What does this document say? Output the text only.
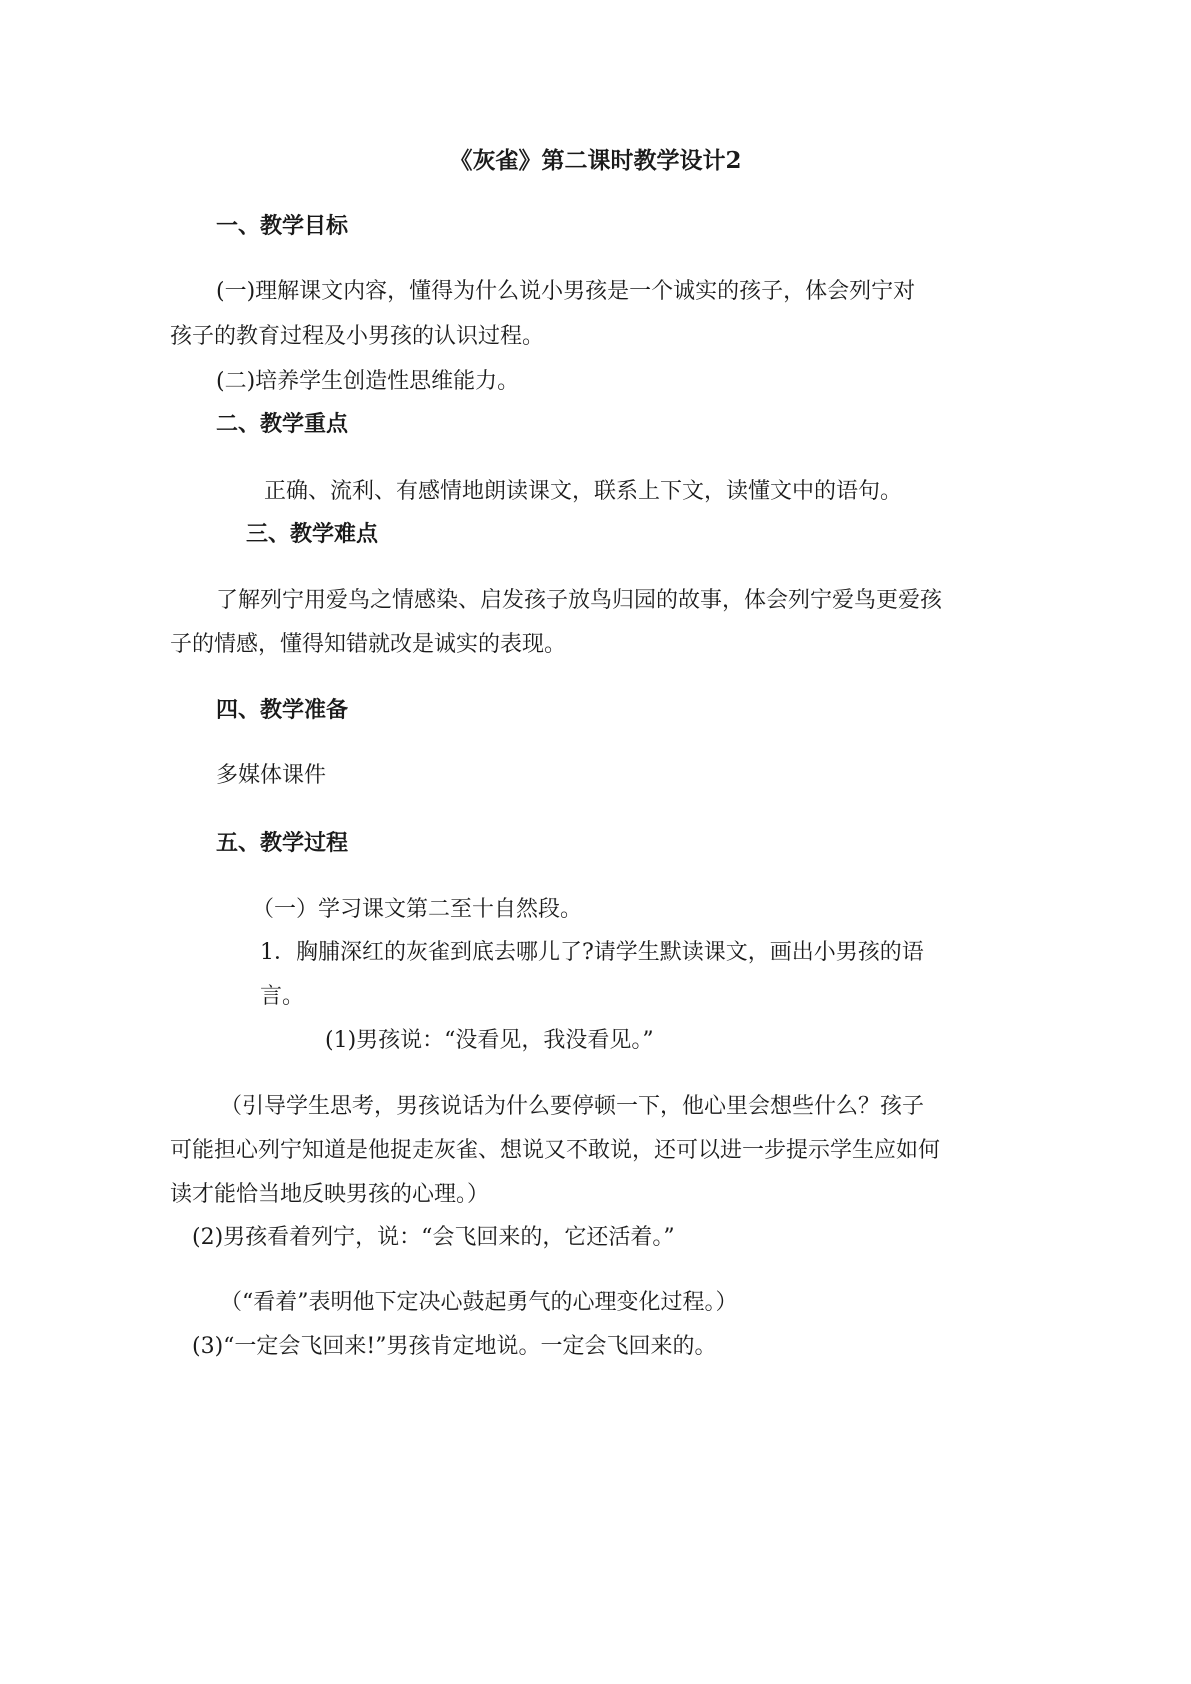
《灰雀》第二课时教学设计2
一、教学目标
(一)理解课文内容，懂得为什么说小男孩是一个诚实的孩子，体会列宁对
孩子的教育过程及小男孩的认识过程。
(二)培养学生创造性思维能力。
二、教学重点
正确、流利、有感情地朗读课文，联系上下文，读懂文中的语句。
三、教学难点
了解列宁用爱鸟之情感染、启发孩子放鸟归园的故事，体会列宁爱鸟更爱孩
子的情感，懂得知错就改是诚实的表现。
四、教学准备
多媒体课件
五、教学过程
（一）学习课文第二至十自然段。
1．胸脯深红的灰雀到底去哪儿了?请学生默读课文，画出小男孩的语
言。
(1)男孩说：“没看见，我没看见。”
（引导学生思考，男孩说话为什么要停顿一下，他心里会想些什么？孩子
可能担心列宁知道是他捉走灰雀、想说又不敢说，还可以进一步提示学生应如何
读才能恰当地反映男孩的心理。）
(2)男孩看着列宁，说：“会飞回来的，它还活着。”
（“看着”表明他下定决心鼓起勇气的心理变化过程。）
(3)“一定会飞回来!”男孩肯定地说。一定会飞回来的。
